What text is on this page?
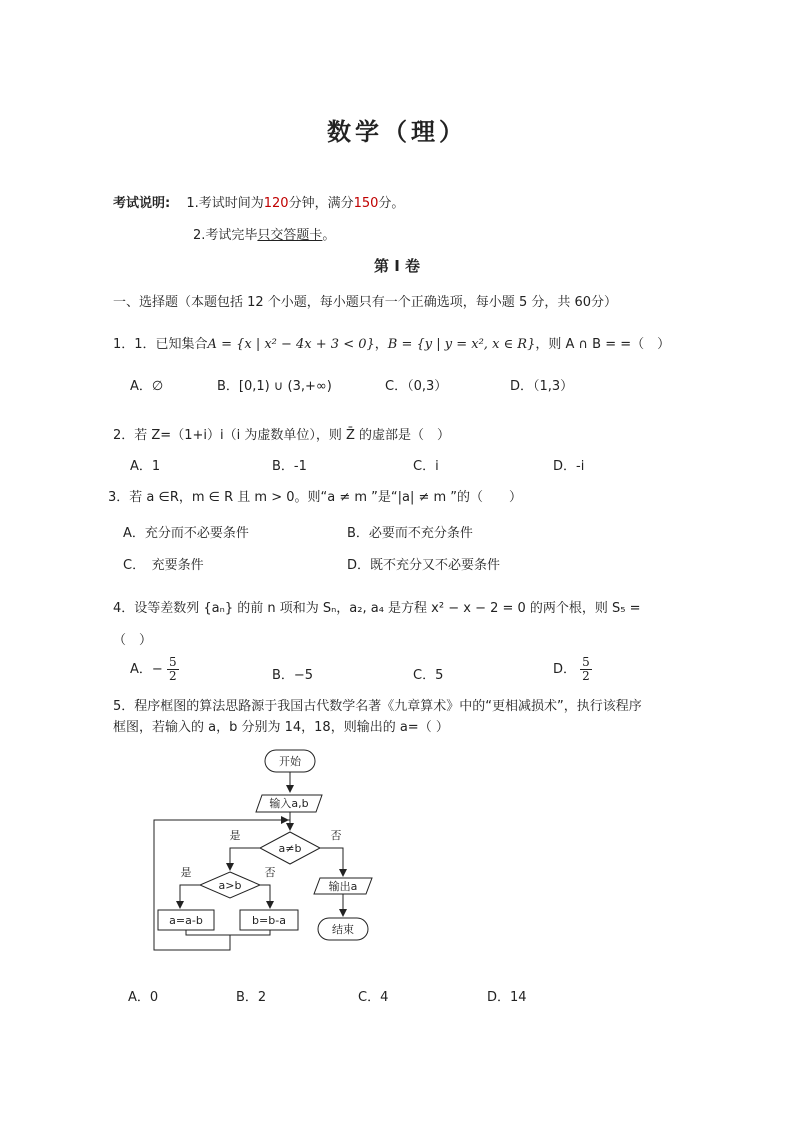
数学（理）
考试说明: 1.考试时间为120分钟，满分150分。
2.考试完毕只交答题卡。
第 I 卷
一、选择题（本题包括 12 个小题，每小题只有一个正确选项，每小题 5 分，共 60分）
1．1．已知集合A = {x | x² − 4x + 3 < 0}，B = {y | y = x², x ∈ R}，则 A ∩ B = =（　）
A．∅	B．[0,1) ∪ (3,+∞)	C．（0,3）	D．（1,3）
2．若 Z=（1+i）i（i 为虚数单位），则 Z̄ 的虚部是（　）
A．1	B．-1	C．i	D．-i
3．若 a ∈R，m ∈ R 且 m > 0。则“a ≠ m ”是“|a| ≠ m ”的（　　）
A．充分而不必要条件	B．必要而不充分条件
C．　充要条件	D．既不充分又不必要条件
4．设等差数列 {aₙ} 的前 n 项和为 Sₙ，a₂, a₄ 是方程 x² − x − 2 = 0 的两个根，则 S₅ =
（　）
A．− $\frac{5}{2}$	B．−5	C．5	D． $\frac{5}{2}$
5．程序框图的算法思路源于我国古代数学名著《九章算术》中的“更相减损术”，执行该程序
框图，若输入的 a，b 分别为 14，18，则输出的 a=（ ）
开始
输入a,b
a≠b
是	否
a>b
是	否
a=a-b	b=b-a
输出a
结束
A．0	B．2	C．4	D．14
